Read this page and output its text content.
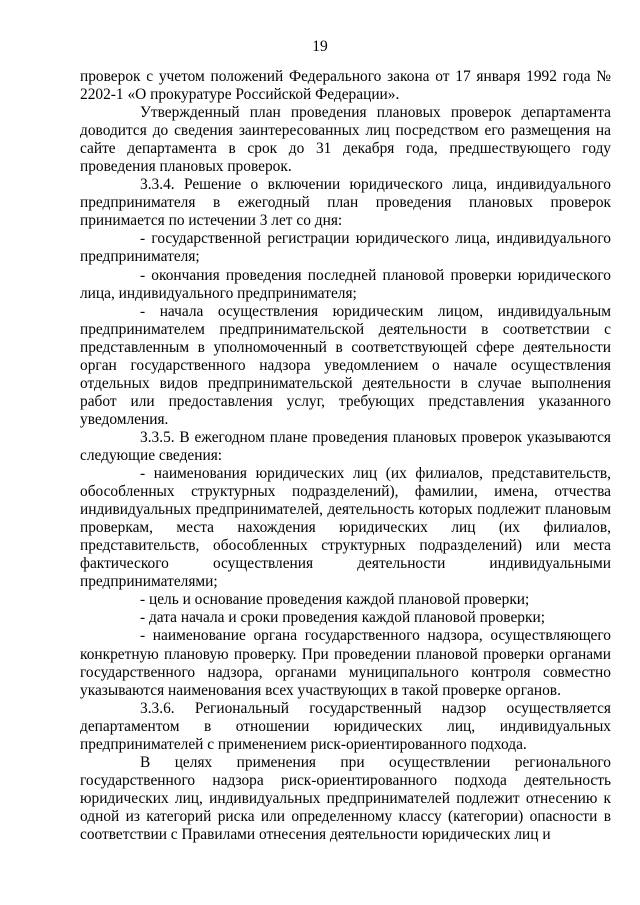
19

проверок с учетом положений Федерального закона от 17 января 1992 года № 2202-1 «О прокуратуре Российской Федерации».

Утвержденный план проведения плановых проверок департамента доводится до сведения заинтересованных лиц посредством его размещения на сайте департамента в срок до 31 декабря года, предшествующего году проведения плановых проверок.

3.3.4. Решение о включении юридического лица, индивидуального предпринимателя в ежегодный план проведения плановых проверок принимается по истечении 3 лет со дня:

- государственной регистрации юридического лица, индивидуального предпринимателя;

- окончания проведения последней плановой проверки юридического лица, индивидуального предпринимателя;

- начала осуществления юридическим лицом, индивидуальным предпринимателем предпринимательской деятельности в соответствии с представленным в уполномоченный в соответствующей сфере деятельности орган государственного надзора уведомлением о начале осуществления отдельных видов предпринимательской деятельности в случае выполнения работ или предоставления услуг, требующих представления указанного уведомления.

3.3.5. В ежегодном плане проведения плановых проверок указываются следующие сведения:

- наименования юридических лиц (их филиалов, представительств, обособленных структурных подразделений), фамилии, имена, отчества индивидуальных предпринимателей, деятельность которых подлежит плановым проверкам, места нахождения юридических лиц (их филиалов, представительств, обособленных структурных подразделений) или места фактического осуществления деятельности индивидуальными предпринимателями;

- цель и основание проведения каждой плановой проверки;

- дата начала и сроки проведения каждой плановой проверки;

- наименование органа государственного надзора, осуществляющего конкретную плановую проверку. При проведении плановой проверки органами государственного надзора, органами муниципального контроля совместно указываются наименования всех участвующих в такой проверке органов.

3.3.6. Региональный государственный надзор осуществляется департаментом в отношении юридических лиц, индивидуальных предпринимателей с применением риск-ориентированного подхода.

В целях применения при осуществлении регионального государственного надзора риск-ориентированного подхода деятельность юридических лиц, индивидуальных предпринимателей подлежит отнесению к одной из категорий риска или определенному классу (категории) опасности в соответствии с Правилами отнесения деятельности юридических лиц и
